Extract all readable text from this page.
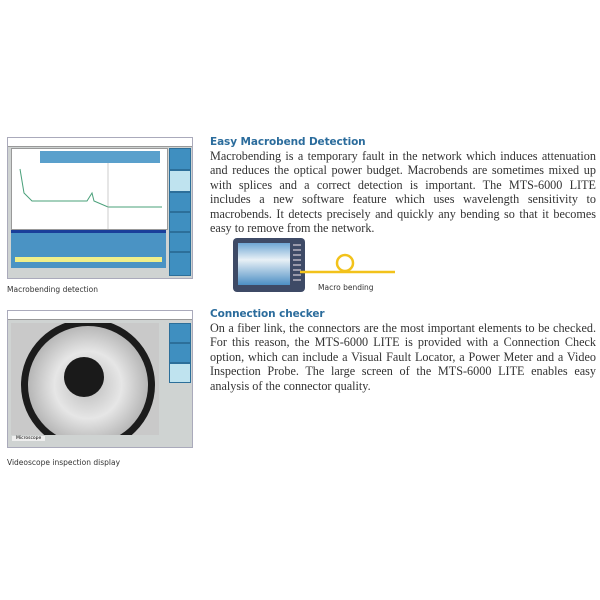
Macrobending detection
Microscope
Videoscope inspection display
Easy Macrobend Detection
Macrobending is a temporary fault in the network which induces attenuation and reduces the optical power budget. Macrobends are sometimes mixed up with splices and a correct detection is important. The MTS-6000 LITE includes a new software feature which uses wavelength sensitivity to macrobends. It detects precisely and quickly any bending so that it becomes easy to remove from the network.
Macro bending
Connection checker
On a fiber link, the connectors are the most important elements to be checked. For this reason, the MTS-6000 LITE is provided with a Connection Check option, which can include a Visual Fault Locator, a Power Meter and a Video Inspection Probe. The large screen of the MTS-6000 LITE enables easy analysis of the connector quality.
